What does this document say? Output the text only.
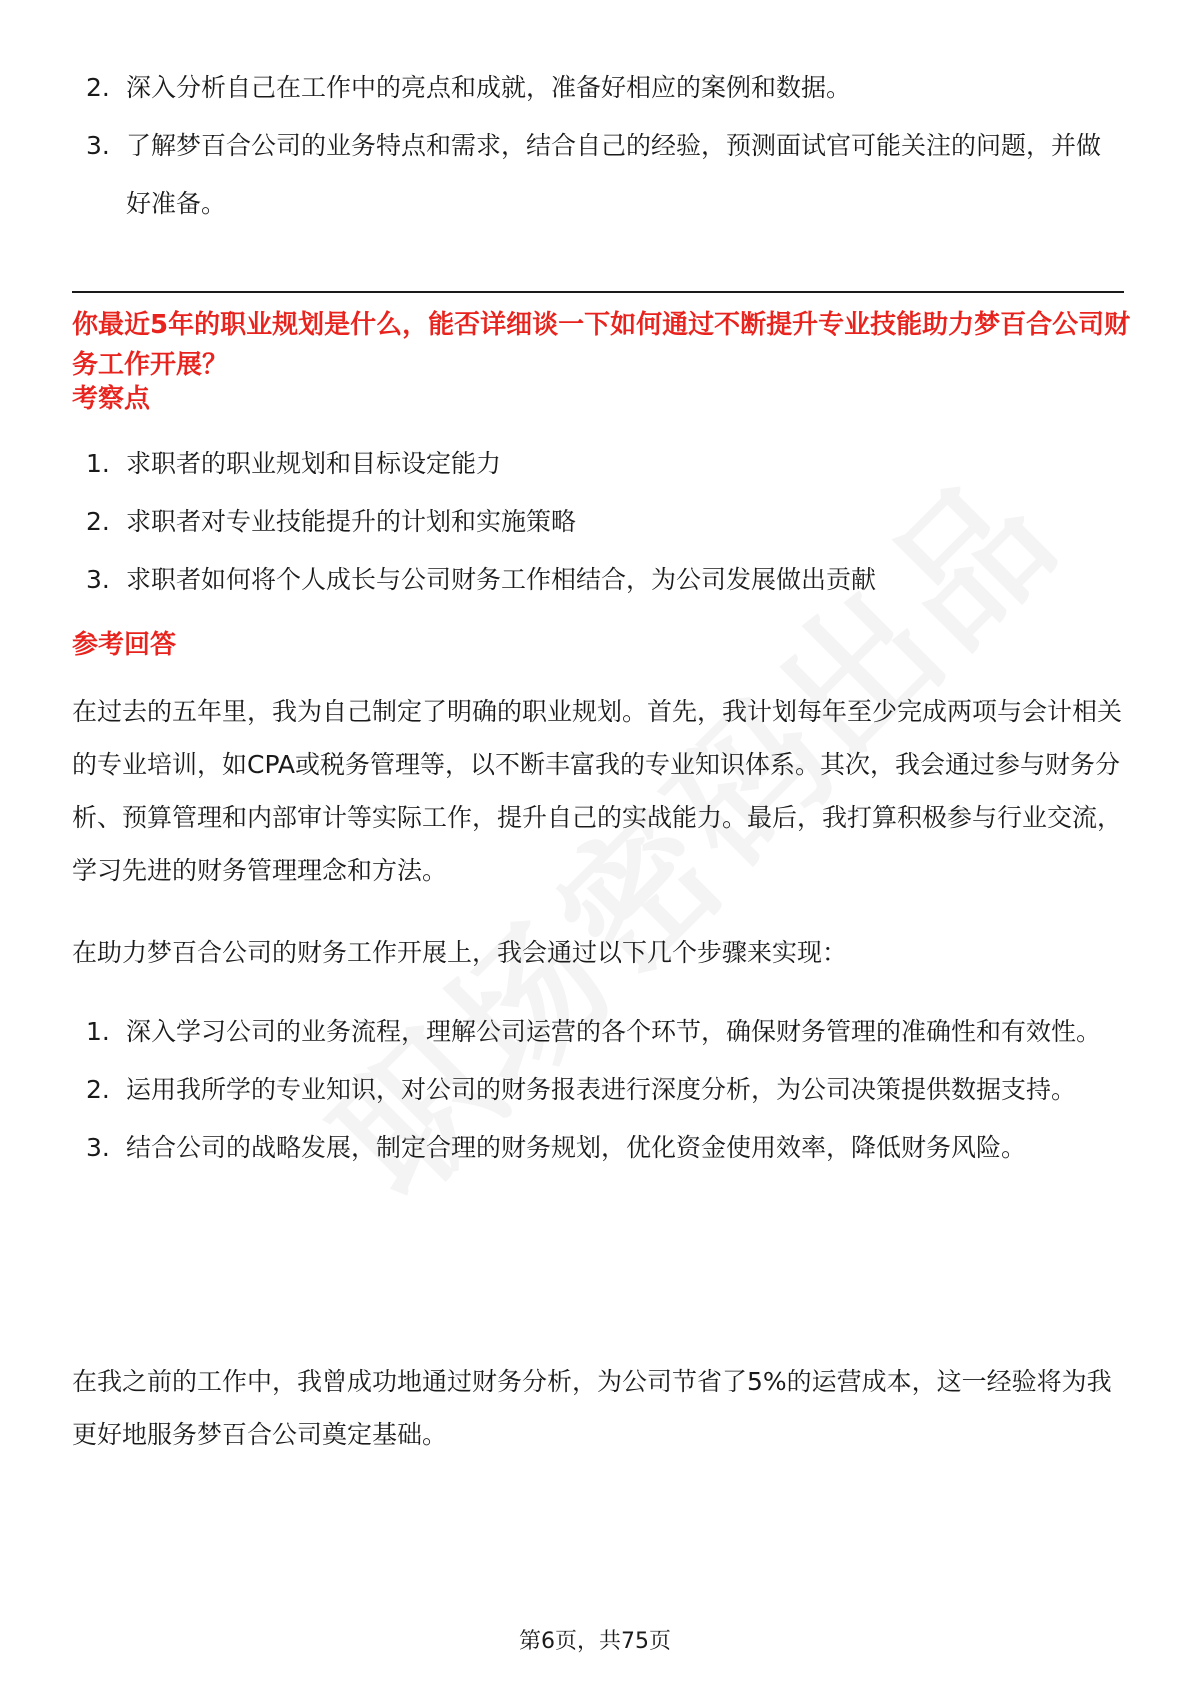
2. 深入分析自己在工作中的亮点和成就，准备好相应的案例和数据。
3. 了解梦百合公司的业务特点和需求，结合自己的经验，预测面试官可能关注的问题，并做好准备。

你最近5年的职业规划是什么，能否详细谈一下如何通过不断提升专业技能助力梦百合公司财务工作开展？

考察点

1. 求职者的职业规划和目标设定能力
2. 求职者对专业技能提升的计划和实施策略
3. 求职者如何将个人成长与公司财务工作相结合，为公司发展做出贡献

参考回答

在过去的五年里，我为自己制定了明确的职业规划。首先，我计划每年至少完成两项与会计相关的专业培训，如CPA或税务管理等，以不断丰富我的专业知识体系。其次，我会通过参与财务分析、预算管理和内部审计等实际工作，提升自己的实战能力。最后，我打算积极参与行业交流，学习先进的财务管理理念和方法。

在助力梦百合公司的财务工作开展上，我会通过以下几个步骤来实现：

1. 深入学习公司的业务流程，理解公司运营的各个环节，确保财务管理的准确性和有效性。
2. 运用我所学的专业知识，对公司的财务报表进行深度分析，为公司决策提供数据支持。
3. 结合公司的战略发展，制定合理的财务规划，优化资金使用效率，降低财务风险。

在我之前的工作中，我曾成功地通过财务分析，为公司节省了5%的运营成本，这一经验将为我更好地服务梦百合公司奠定基础。

第6页，共75页
